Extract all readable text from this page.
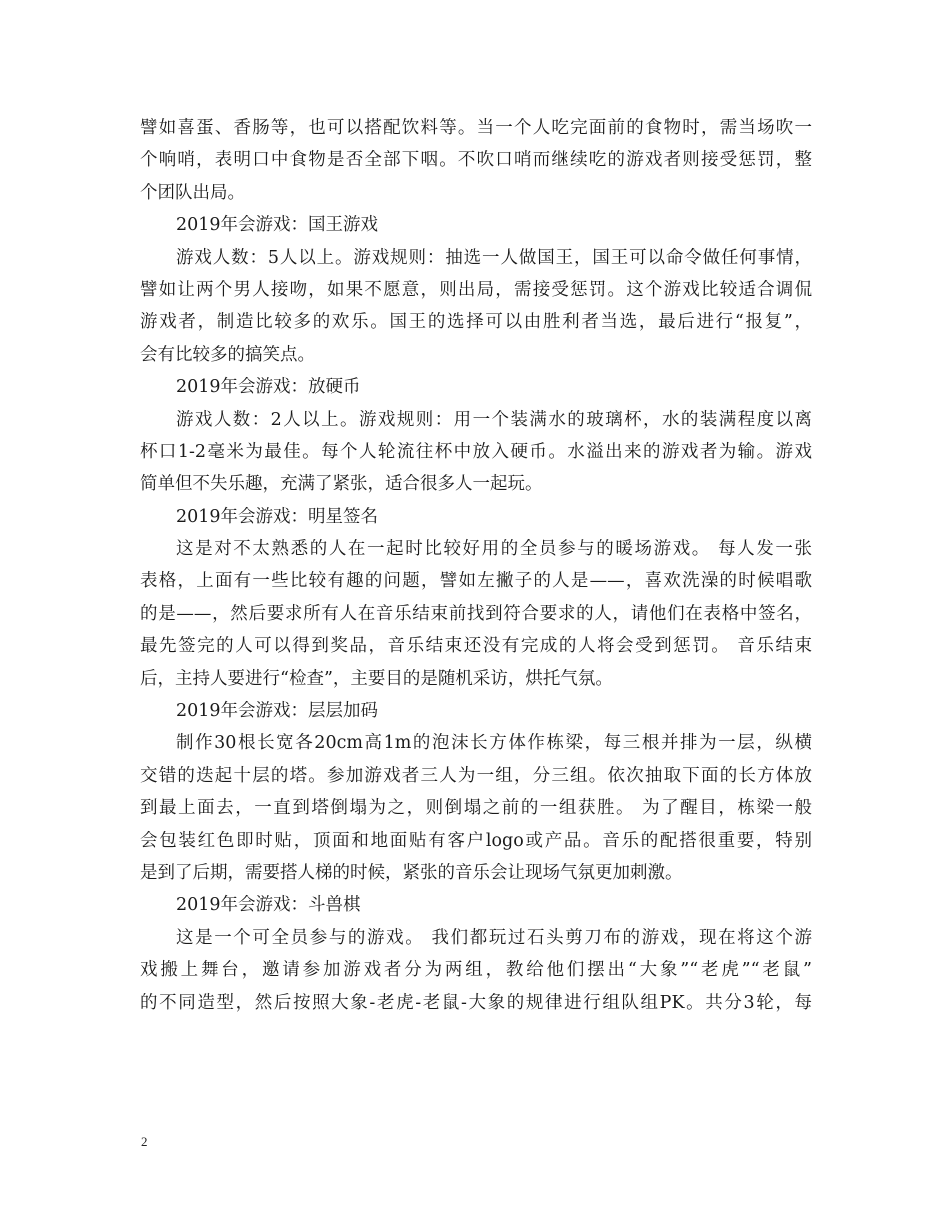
譬如喜蛋、香肠等，也可以搭配饮料等。当一个人吃完面前的食物时，需当场吹一
个响哨，表明口中食物是否全部下咽。不吹口哨而继续吃的游戏者则接受惩罚，整
个团队出局。
2019年会游戏：国王游戏
游戏人数：5人以上。游戏规则：抽选一人做国王，国王可以命令做任何事情，
譬如让两个男人接吻，如果不愿意，则出局，需接受惩罚。这个游戏比较适合调侃
游戏者，制造比较多的欢乐。国王的选择可以由胜利者当选，最后进行“报复”，
会有比较多的搞笑点。
2019年会游戏：放硬币
游戏人数：2人以上。游戏规则：用一个装满水的玻璃杯，水的装满程度以离
杯口1-2毫米为最佳。每个人轮流往杯中放入硬币。水溢出来的游戏者为输。游戏
简单但不失乐趣，充满了紧张，适合很多人一起玩。
2019年会游戏：明星签名
这是对不太熟悉的人在一起时比较好用的全员参与的暖场游戏。 每人发一张
表格，上面有一些比较有趣的问题，譬如左撇子的人是——，喜欢洗澡的时候唱歌
的是——，然后要求所有人在音乐结束前找到符合要求的人，请他们在表格中签名，
最先签完的人可以得到奖品，音乐结束还没有完成的人将会受到惩罚。 音乐结束
后，主持人要进行“检查”，主要目的是随机采访，烘托气氛。
2019年会游戏：层层加码
制作30根长宽各20cm高1m的泡沫长方体作栋梁，每三根并排为一层，纵横
交错的迭起十层的塔。参加游戏者三人为一组，分三组。依次抽取下面的长方体放
到最上面去，一直到塔倒塌为之，则倒塌之前的一组获胜。 为了醒目，栋梁一般
会包装红色即时贴，顶面和地面贴有客户logo或产品。音乐的配搭很重要，特别
是到了后期，需要搭人梯的时候，紧张的音乐会让现场气氛更加刺激。
2019年会游戏：斗兽棋
这是一个可全员参与的游戏。 我们都玩过石头剪刀布的游戏，现在将这个游
戏搬上舞台，邀请参加游戏者分为两组，教给他们摆出“大象”“老虎”“老鼠”
的不同造型，然后按照大象-老虎-老鼠-大象的规律进行组队组PK。共分3轮，每
2
